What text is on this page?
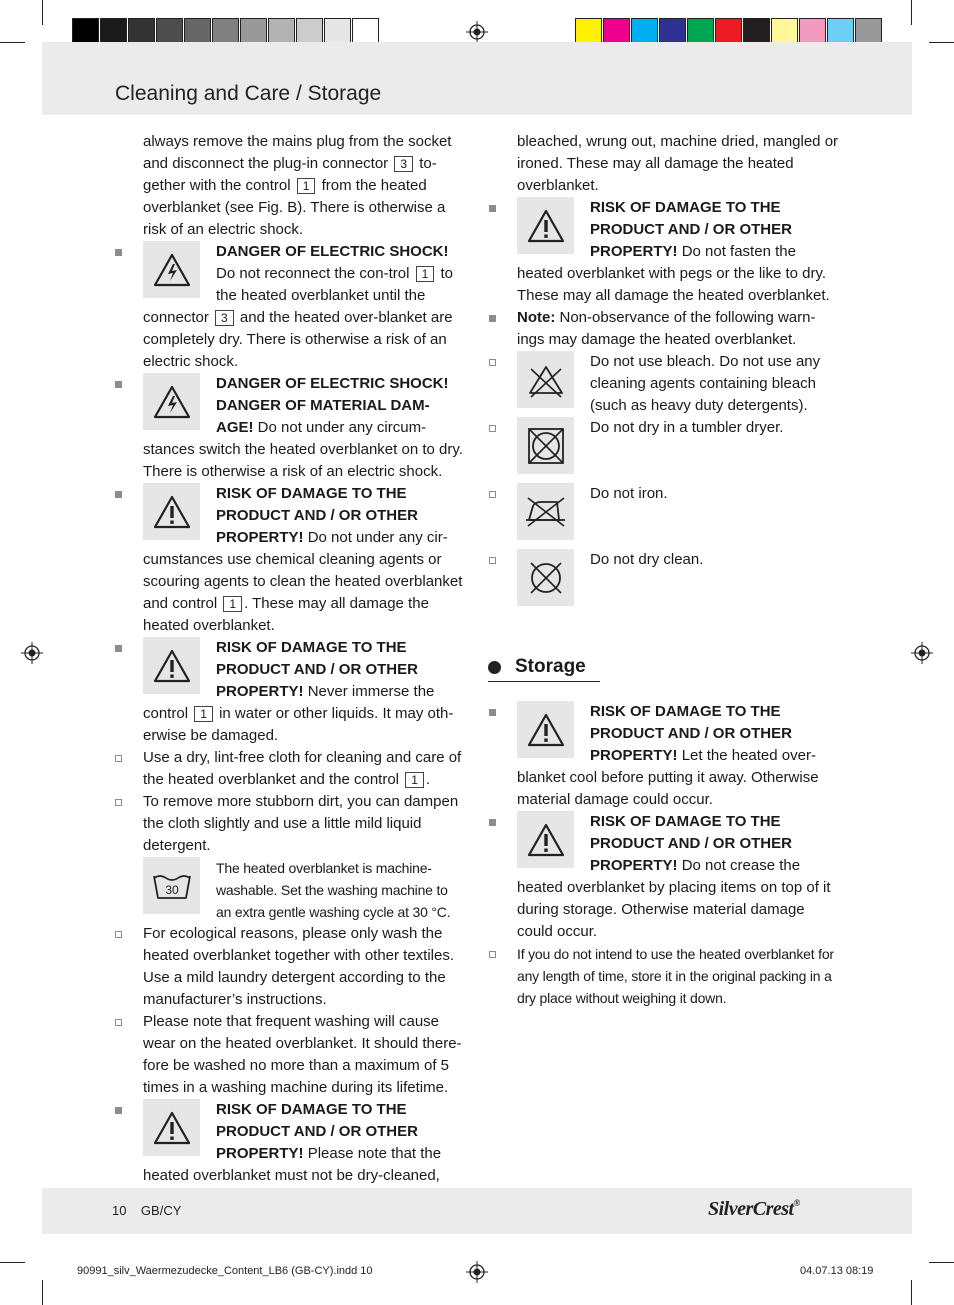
Cleaning and Care / Storage

always remove the mains plug from the socket and disconnect the plug-in connector 3 to-gether with the control 1 from the heated overblanket (see Fig. B). There is otherwise a risk of an electric shock.

DANGER OF ELECTRIC SHOCK! Do not reconnect the con-trol 1 to the heated overblanket until the connector 3 and the heated over-blanket are completely dry. There is otherwise a risk of an electric shock.

DANGER OF ELECTRIC SHOCK! DANGER OF MATERIAL DAM-AGE! Do not under any circum-stances switch the heated overblanket on to dry. There is otherwise a risk of an electric shock.

RISK OF DAMAGE TO THE PRODUCT AND / OR OTHER PROPERTY! Do not under any cir-cumstances use chemical cleaning agents or scouring agents to clean the heated overblanket and control 1 . These may all damage the heated overblanket.

RISK OF DAMAGE TO THE PRODUCT AND / OR OTHER PROPERTY! Never immerse the control 1 in water or other liquids. It may oth-erwise be damaged.

Use a dry, lint-free cloth for cleaning and care of the heated overblanket and the control 1 .

To remove more stubborn dirt, you can dampen the cloth slightly and use a little mild liquid detergent.

30

The heated overblanket is machine-washable. Set the washing machine to an extra gentle washing cycle at 30 °C.

For ecological reasons, please only wash the heated overblanket together with other textiles. Use a mild laundry detergent according to the manufacturer’s instructions.

Please note that frequent washing will cause wear on the heated overblanket. It should there-fore be washed no more than a maximum of 5 times in a washing machine during its lifetime.

RISK OF DAMAGE TO THE PRODUCT AND / OR OTHER PROPERTY! Please note that the heated overblanket must not be dry-cleaned,

bleached, wrung out, machine dried, mangled or ironed. These may all damage the heated overblanket.

RISK OF DAMAGE TO THE PRODUCT AND / OR OTHER PROPERTY! Do not fasten the heated overblanket with pegs or the like to dry. These may all damage the heated overblanket.

Note: Non-observance of the following warn-ings may damage the heated overblanket.

Do not use bleach. Do not use any cleaning agents containing bleach (such as heavy duty detergents).

Do not dry in a tumbler dryer.

Do not iron.

Do not dry clean.

Storage

RISK OF DAMAGE TO THE PRODUCT AND / OR OTHER PROPERTY! Let the heated over-blanket cool before putting it away. Otherwise material damage could occur.

RISK OF DAMAGE TO THE PRODUCT AND / OR OTHER PROPERTY! Do not crease the heated overblanket by placing items on top of it during storage. Otherwise material damage could occur.

If you do not intend to use the heated overblanket for any length of time, store it in the original packing in a dry place without weighing it down.

10 GB/CY	SilverCrest®
90991_silv_Waermezudecke_Content_LB6 (GB-CY).indd 10	04.07.13 08:19
